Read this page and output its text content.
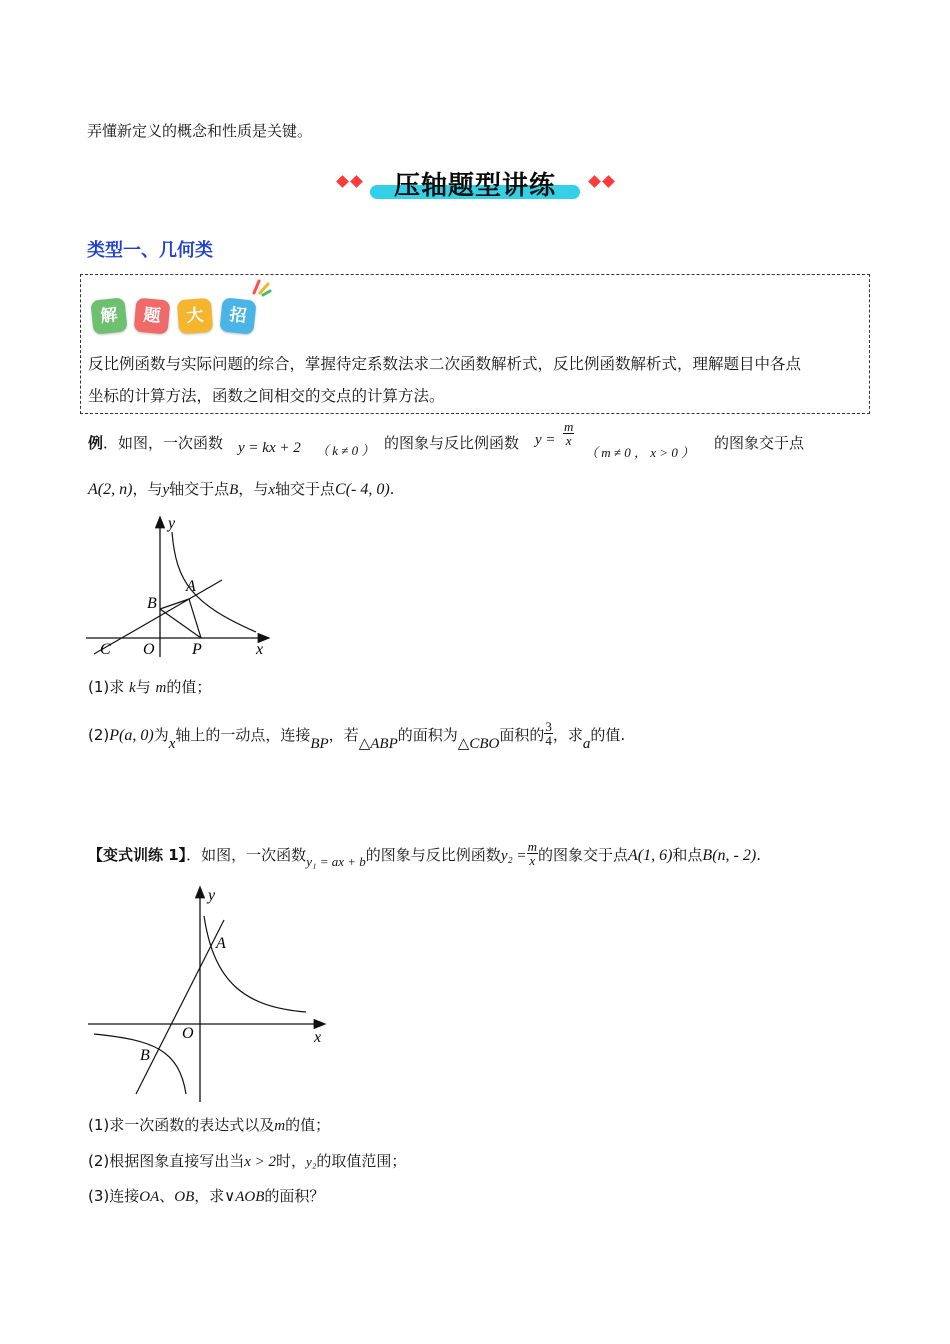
弄懂新定义的概念和性质是关键。
压轴题型讲练
类型一、几何类
解	题	大	招
反比例函数与实际问题的综合，掌握待定系数法求二次函数解析式，反比例函数解析式，理解题目中各点
坐标的计算方法，函数之间相交的交点的计算方法。
例．如图，一次函数 y = kx + 2 （ k ≠ 0 ） 的图象与反比例函数 $y = \frac{m}{x}$
（ m ≠ 0 ， x > 0 ）
的图象交于点
A(2, n)，与y轴交于点B，与x轴交于点C(- 4, 0).
y
x
A
B
C O P
(1)求 k与 m的值；
(2)P(a, 0)为x轴上的一动点，连接BP，若△ABP的面积为△CBO面积的 $\frac{3}{4}$ ，求a的值.
【变式训练 1】．如图，一次函数y₁ = ax + b的图象与反比例函数$y_2 = \frac{m}{x}$ 的图象交于点A(1, 6)和点B(n, - 2).
y
x
A
B
O
(1)求一次函数的表达式以及m的值；
(2)根据图象直接写出当x > 2时，y₂的取值范围；
(3)连接OA、OB，求∨AOB的面积？
